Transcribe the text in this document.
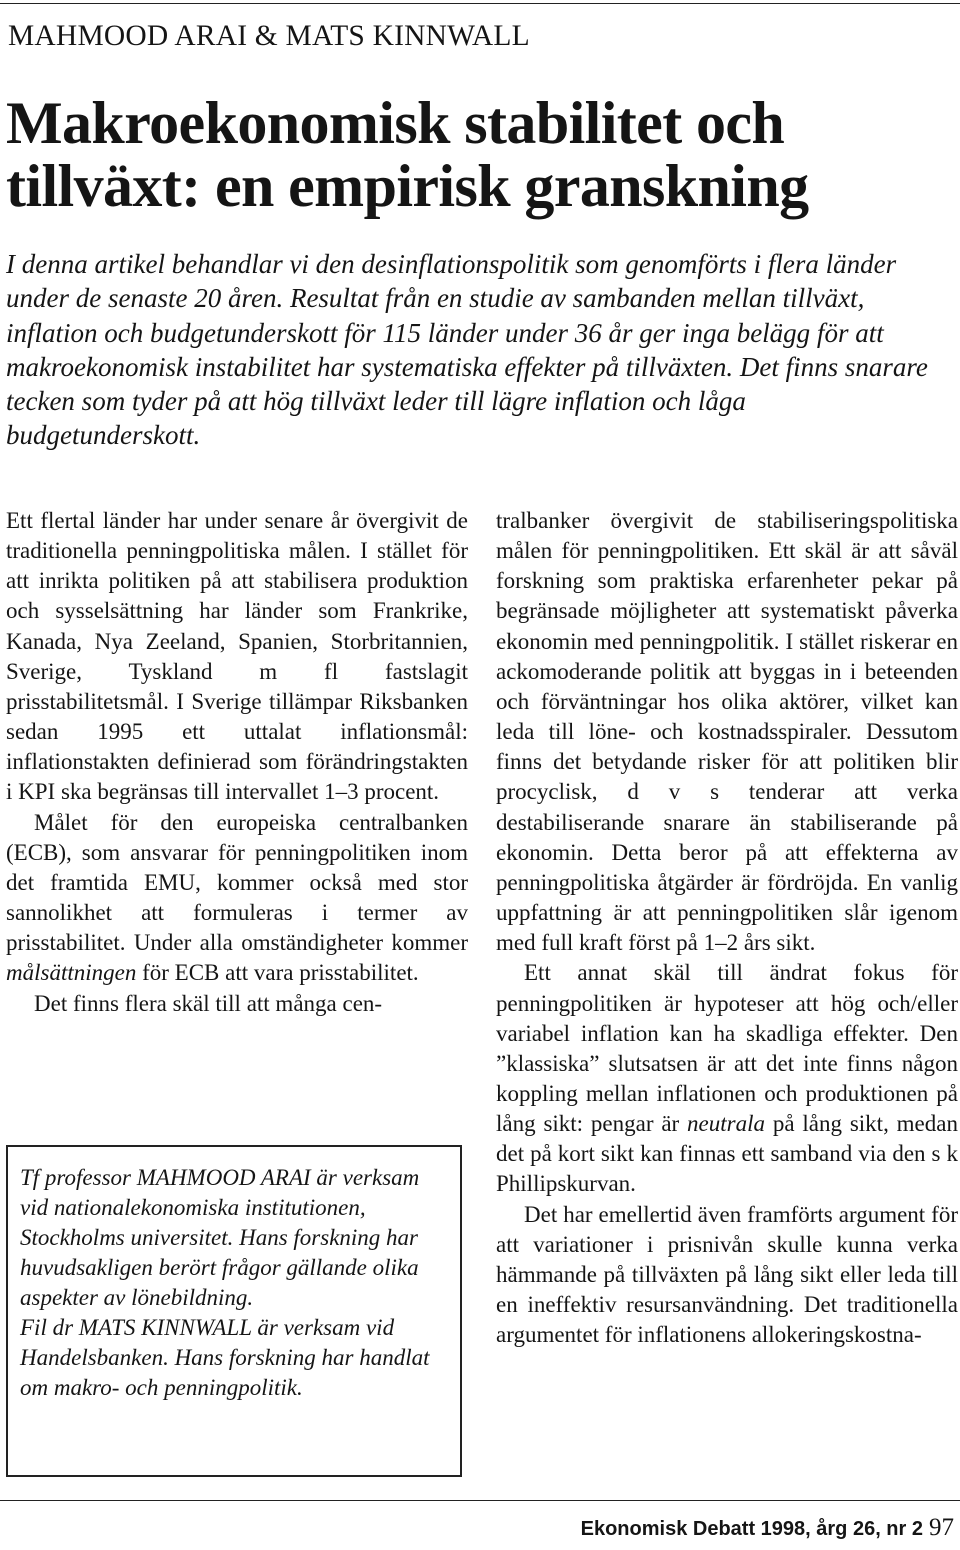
MAHMOOD ARAI & MATS KINNWALL
Makroekonomisk stabilitet och tillväxt: en empirisk granskning

I denna artikel behandlar vi den desinflationspolitik som genomförts i flera länder under de senaste 20 åren. Resultat från en studie av sambanden mellan tillväxt, inflation och budgetunderskott för 115 länder under 36 år ger inga belägg för att makroekonomisk instabilitet har systematiska effekter på tillväxten. Det finns snarare tecken som tyder på att hög tillväxt leder till lägre inflation och låga budgetunderskott.

Ett flertal länder har under senare år övergivit de traditionella penningpolitiska målen. I stället för att inrikta politiken på att stabilisera produktion och sysselsättning har länder som Frankrike, Kanada, Nya Zeeland, Spanien, Storbritannien, Sverige, Tyskland m fl fastslagit prisstabilitetsmål. I Sverige tillämpar Riksbanken sedan 1995 ett uttalat inflationsmål: inflationstakten definierad som förändringstakten i KPI ska begränsas till intervallet 1–3 procent.

Målet för den europeiska centralbanken (ECB), som ansvarar för penningpolitiken inom det framtida EMU, kommer också med stor sannolikhet att formuleras i termer av prisstabilitet. Under alla omständigheter kommer målsättningen för ECB att vara prisstabilitet.

Det finns flera skäl till att många cen-

Tf professor MAHMOOD ARAI är verksam vid nationalekonomiska institutionen, Stockholms universitet. Hans forskning har huvudsakligen berört frågor gällande olika aspekter av lönebildning.

Fil dr MATS KINNWALL är verksam vid Handelsbanken. Hans forskning har handlat om makro- och penningpolitik.

tralbanker övergivit de stabiliseringspolitiska målen för penningpolitiken. Ett skäl är att såväl forskning som praktiska erfarenheter pekar på begränsade möjligheter att systematiskt påverka ekonomin med penningpolitik. I stället riskerar en ackomoderande politik att byggas in i beteenden och förväntningar hos olika aktörer, vilket kan leda till löne- och kostnadsspiraler. Dessutom finns det betydande risker för att politiken blir procyclisk, d v s tenderar att verka destabiliserande snarare än stabiliserande på ekonomin. Detta beror på att effekterna av penningpolitiska åtgärder är fördröjda. En vanlig uppfattning är att penningpolitiken slår igenom med full kraft först på 1–2 års sikt.

Ett annat skäl till ändrat fokus för penningpolitiken är hypoteser att hög och/eller variabel inflation kan ha skadliga effekter. Den ”klassiska” slutsatsen är att det inte finns någon koppling mellan inflationen och produktionen på lång sikt: pengar är neutrala på lång sikt, medan det på kort sikt kan finnas ett samband via den s k Phillipskurvan.

Det har emellertid även framförts argument för att variationer i prisnivån skulle kunna verka hämmande på tillväxten på lång sikt eller leda till en ineffektiv resursanvändning. Det traditionella argumentet för inflationens allokeringskostna-

Ekonomisk Debatt 1998, årg 26, nr 2 97
